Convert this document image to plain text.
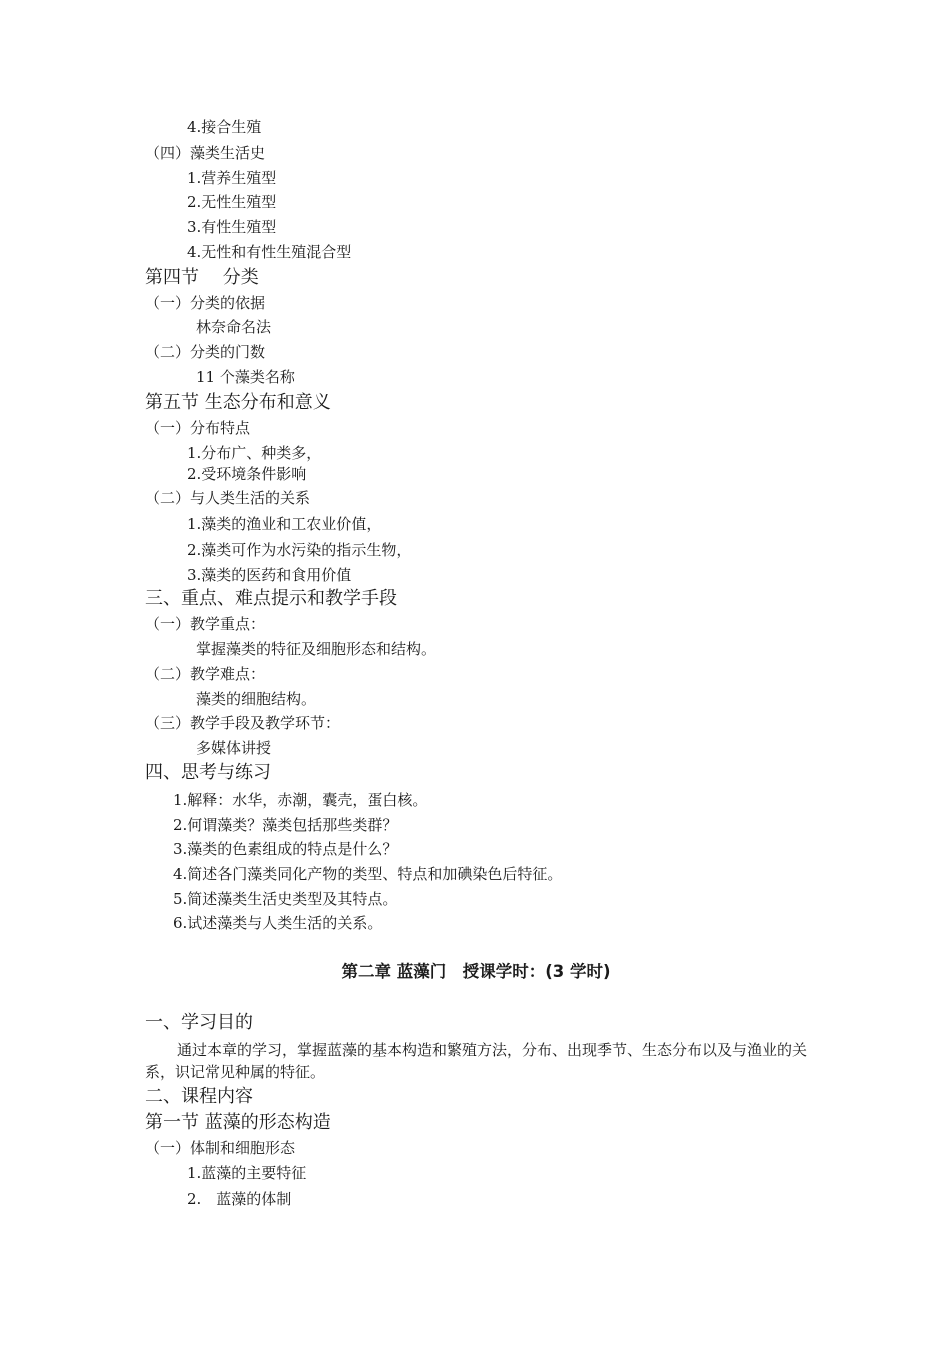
4.接合生殖
（四）藻类生活史
1.营养生殖型
2.无性生殖型
3.有性生殖型
4.无性和有性生殖混合型
第四节　 分类
（一）分类的依据
林奈命名法
（二）分类的门数
11 个藻类名称
第五节 生态分布和意义
（一）分布特点
1.分布广、种类多，
2.受环境条件影响
（二）与人类生活的关系
1.藻类的渔业和工农业价值，
2.藻类可作为水污染的指示生物，
3.藻类的医药和食用价值
三、重点、难点提示和教学手段
（一）教学重点：
掌握藻类的特征及细胞形态和结构。
（二）教学难点：
藻类的细胞结构。
（三）教学手段及教学环节：
多媒体讲授
四、思考与练习
1.解释：水华，赤潮，囊壳，蛋白核。
2.何谓藻类？藻类包括那些类群？
3.藻类的色素组成的特点是什么？
4.简述各门藻类同化产物的类型、特点和加碘染色后特征。
5.简述藻类生活史类型及其特点。
6.试述藻类与人类生活的关系。
第二章 蓝藻门　授课学时：(3 学时)
一、学习目的
通过本章的学习，掌握蓝藻的基本构造和繁殖方法，分布、出现季节、生态分布以及与渔业的关系，识记常见种属的特征。
二、课程内容
第一节 蓝藻的形态构造
（一）体制和细胞形态
1.蓝藻的主要特征
2.　蓝藻的体制
